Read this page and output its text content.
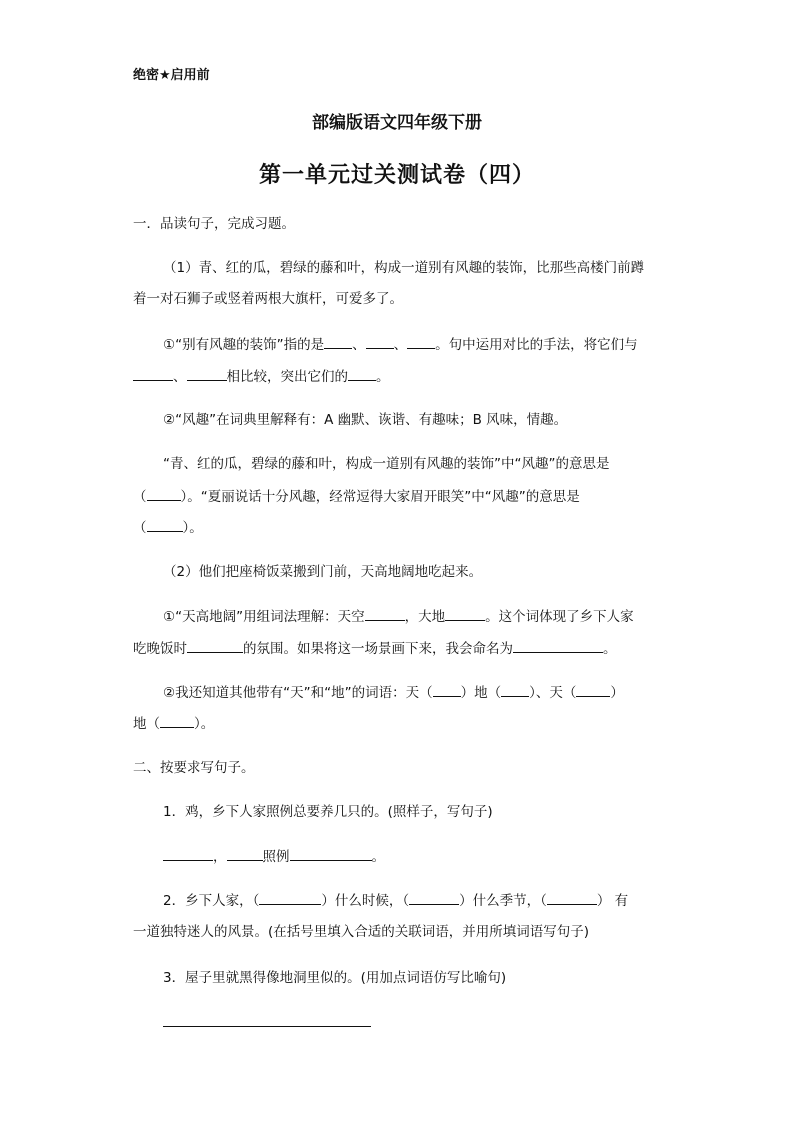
绝密★启用前
部编版语文四年级下册
第一单元过关测试卷（四）
一．品读句子，完成习题。
（1）青、红的瓜，碧绿的藤和叶，构成一道别有风趣的装饰，比那些高楼门前蹲
着一对石狮子或竖着两根大旗杆，可爱多了。
①“别有风趣的装饰”指的是 、 、 。句中运用对比的手法，将它们与
、	相比较，突出它们的 。
②“风趣”在词典里解释有：A 幽默、诙谐、有趣味；B 风味，情趣。
“青、红的瓜，碧绿的藤和叶，构成一道别有风趣的装饰”中“风趣”的意思是
（	）。“夏丽说话十分风趣，经常逗得大家眉开眼笑”中“风趣”的意思是
（	）。
（2）他们把座椅饭菜搬到门前，天高地阔地吃起来。
①“天高地阔”用组词法理解：天空	，大地	。这个词体现了乡下人家
吃晚饭时	的氛围。如果将这一场景画下来，我会命名为	。
②我还知道其他带有“天”和“地”的词语：天（ ）地（ ）、天（	）
地（	）。
二、按要求写句子。
1．鸡，乡下人家照例总要养几只的。(照样子，写句子)
，	照例	。
2．乡下人家，（	）什么时候，（	）什么季节，（	） 有
一道独特迷人的风景。(在括号里填入合适的关联词语，并用所填词语写句子)
3．屋子里就黑得像地洞里似的。(用加点词语仿写比喻句)
